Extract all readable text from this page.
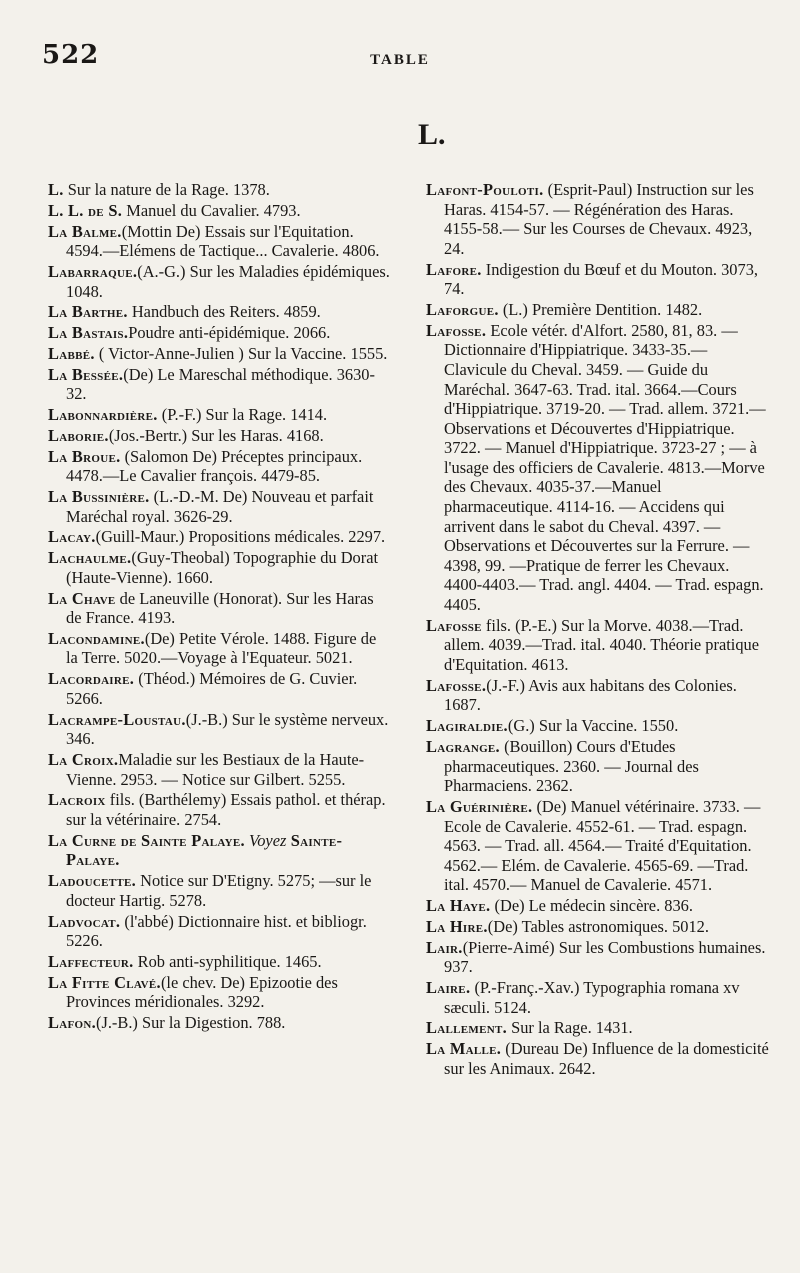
522	TABLE
L.

L. Sur la nature de la Rage. 1378.

L. L. de S. Manuel du Cavalier. 4793.

La Balme.(Mottin De) Essais sur l'Equitation. 4594.—Elémens de Tactique... Cavalerie. 4806.

Labarraque.(A.-G.) Sur les Maladies épidémiques. 1048.

La Barthe. Handbuch des Reiters. 4859.

La Bastais.Poudre anti-épidémique. 2066.

Labbé. ( Victor-Anne-Julien ) Sur la Vaccine. 1555.

La Bessée.(De) Le Mareschal méthodique. 3630-32.

Labonnardière. (P.-F.) Sur la Rage. 1414.

Laborie.(Jos.-Bertr.) Sur les Haras. 4168.

La Broue. (Salomon De) Préceptes principaux. 4478.—Le Cavalier françois. 4479-85.

La Bussinière. (L.-D.-M. De) Nouveau et parfait Maréchal royal. 3626-29.

Lacay.(Guill-Maur.) Propositions médicales. 2297.

Lachaulme.(Guy-Theobal) Topographie du Dorat (Haute-Vienne). 1660.

La Chave de Laneuville (Honorat). Sur les Haras de France. 4193.

Lacondamine.(De) Petite Vérole. 1488. Figure de la Terre. 5020.—Voyage à l'Equateur. 5021.

Lacordaire. (Théod.) Mémoires de G. Cuvier. 5266.

Lacrampe-Loustau.(J.-B.) Sur le système nerveux. 346.

La Croix.Maladie sur les Bestiaux de la Haute-Vienne. 2953. — Notice sur Gilbert. 5255.

Lacroix fils. (Barthélemy) Essais pathol. et thérap. sur la vétérinaire. 2754.

La Curne de Sainte Palaye. Voyez Sainte-Palaye.

Ladoucette. Notice sur D'Etigny. 5275; —sur le docteur Hartig. 5278.

Ladvocat. (l'abbé) Dictionnaire hist. et bibliogr. 5226.

Laffecteur. Rob anti-syphilitique. 1465.

La Fitte Clavé.(le chev. De) Epizootie des Provinces méridionales. 3292.

Lafon.(J.-B.) Sur la Digestion. 788.

Lafont-Pouloti. (Esprit-Paul) Instruction sur les Haras. 4154-57. — Régénération des Haras. 4155-58.— Sur les Courses de Chevaux. 4923, 24.

Lafore. Indigestion du Bœuf et du Mouton. 3073, 74.

Laforgue. (L.) Première Dentition. 1482.

Lafosse. Ecole vétér. d'Alfort. 2580, 81, 83. — Dictionnaire d'Hippiatrique. 3433-35.—Clavicule du Cheval. 3459. — Guide du Maréchal. 3647-63. Trad. ital. 3664.—Cours d'Hippiatrique. 3719-20. — Trad. allem. 3721.— Observations et Découvertes d'Hippiatrique. 3722. — Manuel d'Hippiatrique. 3723-27 ; — à l'usage des officiers de Cavalerie. 4813.—Morve des Chevaux. 4035-37.—Manuel pharmaceutique. 4114-16. — Accidens qui arrivent dans le sabot du Cheval. 4397. — Observations et Découvertes sur la Ferrure. — 4398, 99. —Pratique de ferrer les Chevaux. 4400-4403.— Trad. angl. 4404. — Trad. espagn. 4405.

Lafosse fils. (P.-E.) Sur la Morve. 4038.—Trad. allem. 4039.—Trad. ital. 4040. Théorie pratique d'Equitation. 4613.

Lafosse.(J.-F.) Avis aux habitans des Colonies. 1687.

Lagiraldie.(G.) Sur la Vaccine. 1550.

Lagrange. (Bouillon) Cours d'Etudes pharmaceutiques. 2360. — Journal des Pharmaciens. 2362.

La Guérinière. (De) Manuel vétérinaire. 3733. — Ecole de Cavalerie. 4552-61. — Trad. espagn. 4563. — Trad. all. 4564.— Traité d'Equitation. 4562.— Elém. de Cavalerie. 4565-69. —Trad. ital. 4570.— Manuel de Cavalerie. 4571.

La Haye. (De) Le médecin sincère. 836.

La Hire.(De) Tables astronomiques. 5012.

Lair.(Pierre-Aimé) Sur les Combustions humaines. 937.

Laire. (P.-Franç.-Xav.) Typographia romana xv sæculi. 5124.

Lallement. Sur la Rage. 1431.

La Malle. (Dureau De) Influence de la domesticité sur les Animaux. 2642.
